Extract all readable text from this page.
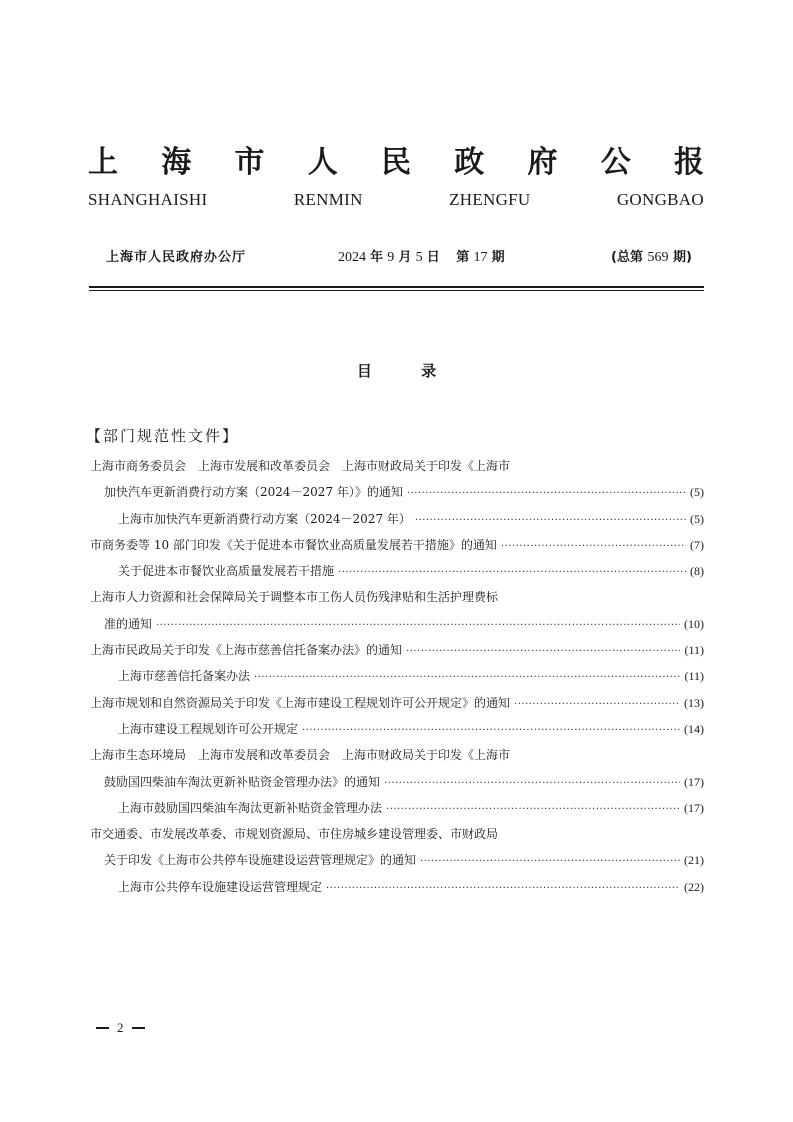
上 海 市 人 民 政 府 公 报
SHANGHAISHI	RENMIN	ZHENGFU	GONGBAO
上海市人民政府办公厅	2024 年 9 月 5 日 第 17 期	(总第 569 期)
目	录
【部门规范性文件】
上海市商务委员会　上海市发展和改革委员会　上海市财政局关于印发《上海市
加快汽车更新消费行动方案（2024－2027 年）》的通知 ·····	(5)
上海市加快汽车更新消费行动方案（2024－2027 年） ·····	(5)
市商务委等 10 部门印发《关于促进本市餐饮业高质量发展若干措施》的通知 ·····	(7)
关于促进本市餐饮业高质量发展若干措施 ·····	(8)
上海市人力资源和社会保障局关于调整本市工伤人员伤残津贴和生活护理费标
准的通知 ·····	(10)
上海市民政局关于印发《上海市慈善信托备案办法》的通知 ·····	(11)
上海市慈善信托备案办法 ·····	(11)
上海市规划和自然资源局关于印发《上海市建设工程规划许可公开规定》的通知 ·····	(13)
上海市建设工程规划许可公开规定 ·····	(14)
上海市生态环境局　上海市发展和改革委员会　上海市财政局关于印发《上海市
鼓励国四柴油车淘汰更新补贴资金管理办法》的通知 ·····	(17)
上海市鼓励国四柴油车淘汰更新补贴资金管理办法 ·····	(17)
市交通委、市发展改革委、市规划资源局、市住房城乡建设管理委、市财政局
关于印发《上海市公共停车设施建设运营管理规定》的通知 ·····	(21)
上海市公共停车设施建设运营管理规定 ·····	(22)
2
